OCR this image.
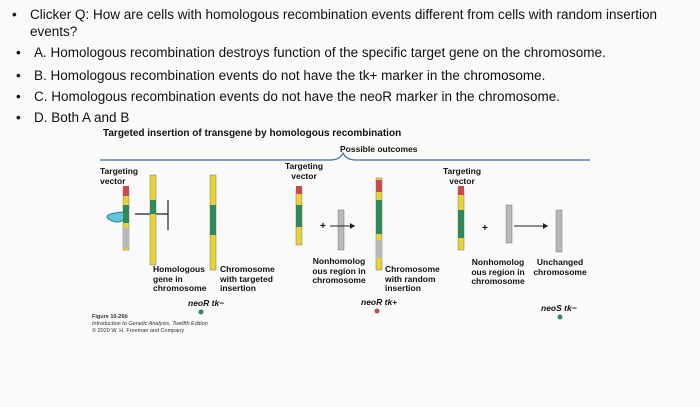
• Clicker Q: How are cells with homologous recombination events different from cells with random insertion events?
• A. Homologous recombination destroys function of the specific target gene on the chromosome.
• B. Homologous recombination events do not have the tk+ marker in the chromosome.
• C. Homologous recombination events do not have the neoR marker in the chromosome.
• D. Both A and B
Targeted insertion of transgene by homologous recombination
Possible outcomes
Targeting vector
Targeting vector	Targeting vector
Homologous gene in chromosome
Chromosome with targeted insertion
Nonhomolog ous region in chromosome
Chromosome with random insertion
Nonhomolog ous region in chromosome
Unchanged chromosome
neoR tk−	neoR tk+
neoS tk−
+	+
Figure 10-26b
Introduction to Genetic Analysis, Twelfth Edition
© 2020 W. H. Freeman and Company
